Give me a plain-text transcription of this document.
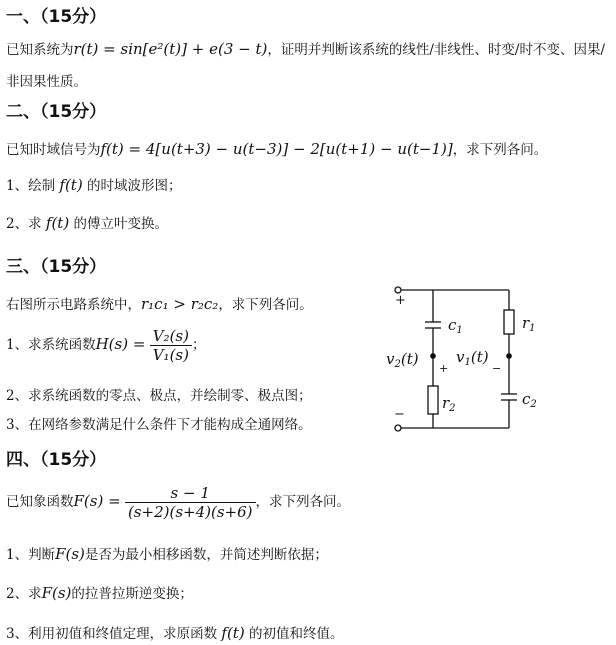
一、（15分）
已知系统为r(t) = sin[e²(t)] + e(3 − t)，证明并判断该系统的线性/非线性、时变/时不变、因果/
非因果性质。
二、（15分）
已知时域信号为f(t) = 4[u(t+3) − u(t−3)] − 2[u(t+1) − u(t−1)]，求下列各问。
1、绘制 f(t) 的时域波形图；
2、求 f(t) 的傅立叶变换。
三、（15分）
右图所示电路系统中，r₁c₁ > r₂c₂，求下列各问。
1、求系统函数$H(s) = \frac{\text{V₂(s)}}{\text{V₁(s)}}$ ；
2、求系统函数的零点、极点，并绘制零、极点图；
3、在网络参数满足什么条件下才能构成全通网络。
+
−
$c_1$	$r_1$
$r_2$
$c_2$
$v_2(t)$ $v_1(t)$
+	−
四、（15分）
已知象函数$F(s) = \frac{s - 1}{(s+2)(s+4)(s+6)}$ ，求下列各问。
1、判断F(s)是否为最小相移函数，并简述判断依据；
2、求F(s)的拉普拉斯逆变换；
3、利用初值和终值定理，求原函数 f(t) 的初值和终值。
